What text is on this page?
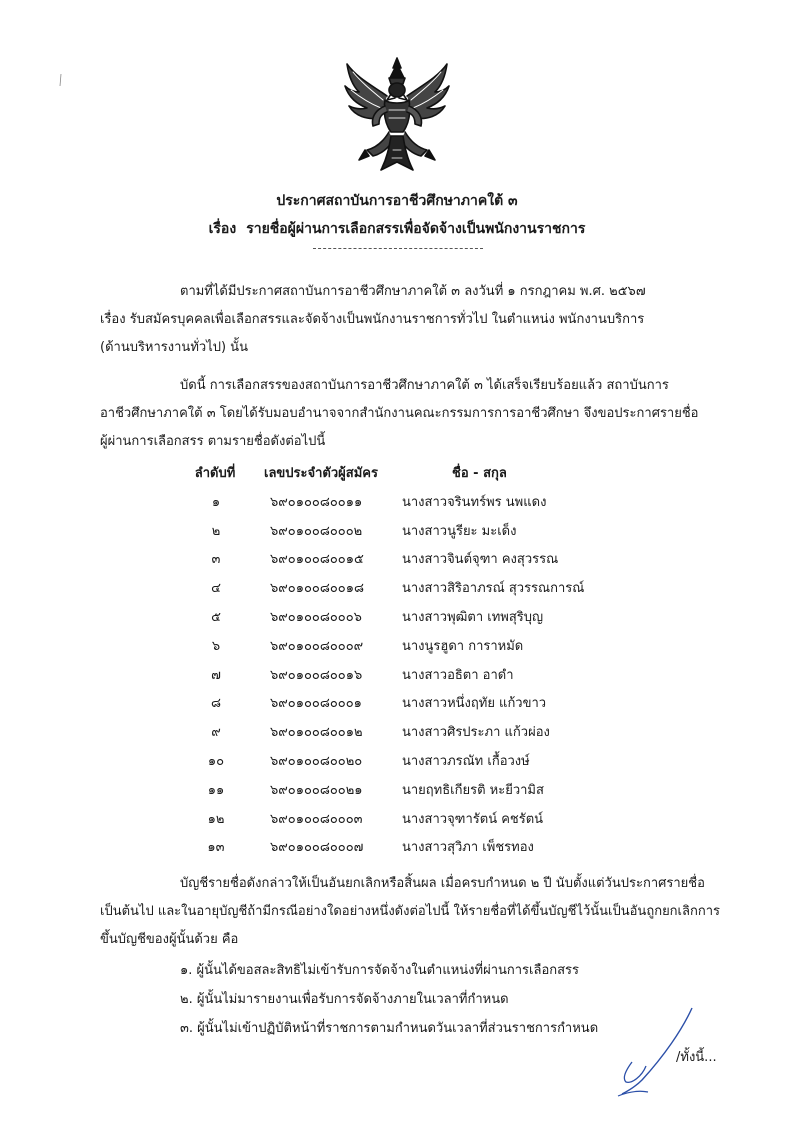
ประกาศสถาบันการอาชีวศึกษาภาคใต้ ๓
เรื่อง รายชื่อผู้ผ่านการเลือกสรรเพื่อจัดจ้างเป็นพนักงานราชการ

ตามที่ได้มีประกาศสถาบันการอาชีวศึกษาภาคใต้ ๓ ลงวันที่ ๑ กรกฎาคม พ.ศ. ๒๕๖๗

เรื่อง รับสมัครบุคคลเพื่อเลือกสรรและจัดจ้างเป็นพนักงานราชการทั่วไป ในตำแหน่ง พนักงานบริการ

(ด้านบริหารงานทั่วไป) นั้น

บัดนี้ การเลือกสรรของสถาบันการอาชีวศึกษาภาคใต้ ๓ ได้เสร็จเรียบร้อยแล้ว สถาบันการ

อาชีวศึกษาภาคใต้ ๓ โดยได้รับมอบอำนาจจากสำนักงานคณะกรรมการการอาชีวศึกษา จึงขอประกาศรายชื่อ

ผู้ผ่านการเลือกสรร ตามรายชื่อดังต่อไปนี้

ลำดับที่	เลขประจำตัวผู้สมัคร	ชื่อ - สกุล
๑	๖๙๐๑๐๐๘๐๐๑๑	นางสาวจรินทร์พร นพแดง
๒	๖๙๐๑๐๐๘๐๐๐๒	นางสาวนูรียะ มะเด็ง
๓	๖๙๐๑๐๐๘๐๐๑๕	นางสาวจินต์จุฑา คงสุวรรณ
๔	๖๙๐๑๐๐๘๐๐๑๘	นางสาวสิริอาภรณ์ สุวรรณการณ์
๕	๖๙๐๑๐๐๘๐๐๐๖	นางสาวพุฒิตา เทพสุริบุญ
๖	๖๙๐๑๐๐๘๐๐๐๙	นางนูรฮูดา การาหมัด
๗	๖๙๐๑๐๐๘๐๐๑๖	นางสาวอธิตา อาดำ
๘	๖๙๐๑๐๐๘๐๐๐๑	นางสาวหนึ่งฤทัย แก้วขาว
๙	๖๙๐๑๐๐๘๐๐๑๒	นางสาวศิรประภา แก้วผ่อง
๑๐	๖๙๐๑๐๐๘๐๐๒๐	นางสาวภรณัท เกื้อวงษ์
๑๑	๖๙๐๑๐๐๘๐๐๒๑	นายฤทธิเกียรติ หะยีวามิส
๑๒	๖๙๐๑๐๐๘๐๐๐๓	นางสาวจุฑารัตน์ คชรัตน์
๑๓	๖๙๐๑๐๐๘๐๐๐๗	นางสาวสุวิภา เพ็ชรทอง

บัญชีรายชื่อดังกล่าวให้เป็นอันยกเลิกหรือสิ้นผล เมื่อครบกำหนด ๒ ปี นับตั้งแต่วันประกาศรายชื่อ

เป็นต้นไป และในอายุบัญชีถ้ามีกรณีอย่างใดอย่างหนึ่งดังต่อไปนี้ ให้รายชื่อที่ได้ขึ้นบัญชีไว้นั้นเป็นอันถูกยกเลิกการ

ขึ้นบัญชีของผู้นั้นด้วย คือ

๑. ผู้นั้นได้ขอสละสิทธิไม่เข้ารับการจัดจ้างในตำแหน่งที่ผ่านการเลือกสรร

๒. ผู้นั้นไม่มารายงานเพื่อรับการจัดจ้างภายในเวลาที่กำหนด

๓. ผู้นั้นไม่เข้าปฏิบัติหน้าที่ราชการตามกำหนดวันเวลาที่ส่วนราชการกำหนด

/ทั้งนี้...
